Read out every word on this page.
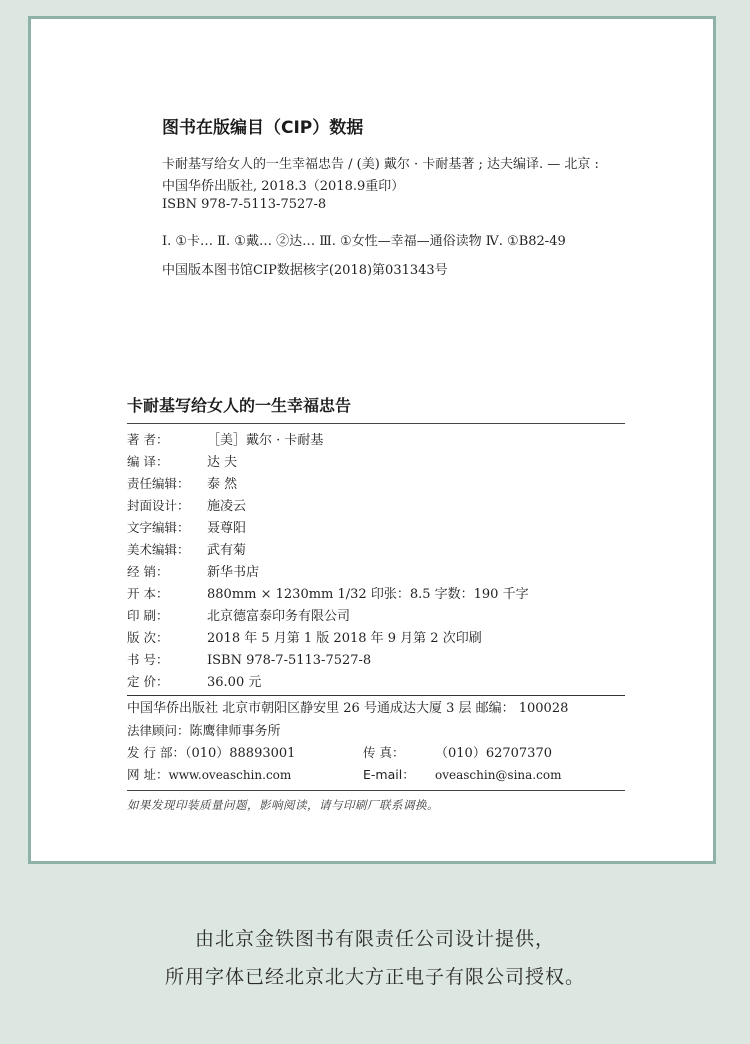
图书在版编目（CIP）数据
卡耐基写给女人的一生幸福忠告 / (美) 戴尔 · 卡耐基著 ; 达夫编译. — 北京 :
中国华侨出版社, 2018.3（2018.9重印）
ISBN 978-7-5113-7527-8
Ⅰ. ①卡… Ⅱ. ①戴… ②达… Ⅲ. ①女性—幸福—通俗读物 Ⅳ. ①B82-49
中国版本图书馆CIP数据核字(2018)第031343号
卡耐基写给女人的一生幸福忠告
著 者：	［美］戴尔 · 卡耐基
编 译：	达 夫
责任编辑： 泰 然
封面设计： 施凌云
文字编辑： 聂尊阳
美术编辑： 武有菊
经 销：	新华书店
开 本：	880mm × 1230mm 1/32 印张：8.5 字数：190 千字
印 刷：	北京德富泰印务有限公司
版 次：	2018 年 5 月第 1 版 2018 年 9 月第 2 次印刷
书 号：	ISBN 978-7-5113-7527-8
定 价：	36.00 元
中国华侨出版社 北京市朝阳区静安里 26 号通成达大厦 3 层 邮编： 100028
法律顾问：陈鹰律师事务所
发 行 部：（010）88893001	传 真： （010）62707370
网 址：www.oveaschin.com	E-mail： oveaschin@sina.com
如果发现印装质量问题，影响阅读，请与印刷厂联系调换。
由北京金铁图书有限责任公司设计提供，
所用字体已经北京北大方正电子有限公司授权。
